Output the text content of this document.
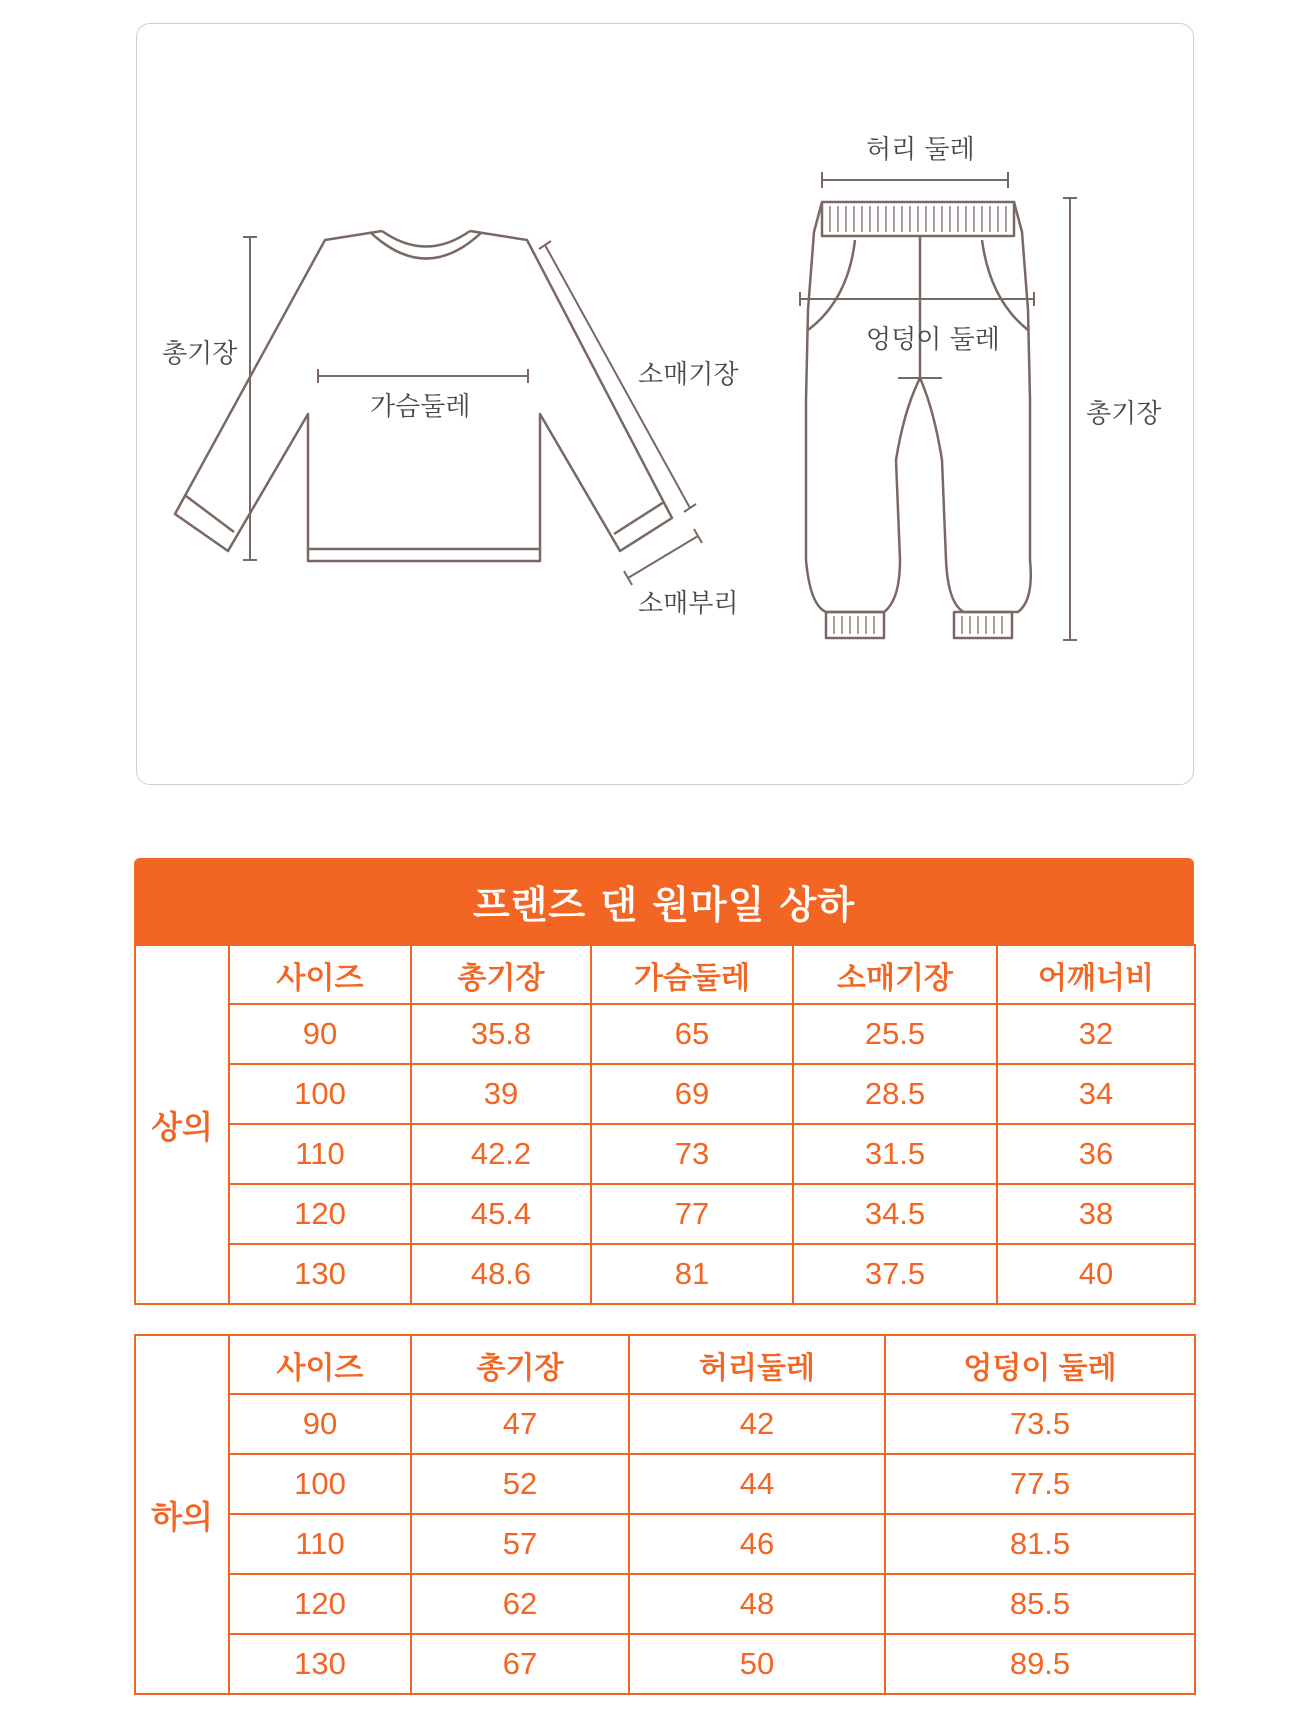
총기장
가슴둘레
소매기장
소매부리
허리 둘레
엉덩이 둘레
총기장
프랜즈 댄 원마일 상하
상의	사이즈	총기장	가슴둘레	소매기장	어깨너비
	90	35.8	65	25.5	32
	100	39	69	28.5	34
	110	42.2	73	31.5	36
	120	45.4	77	34.5	38
	130	48.6	81	37.5	40
하의	사이즈	총기장	허리둘레	엉덩이 둘레
	90	47	42	73.5
	100	52	44	77.5
	110	57	46	81.5
	120	62	48	85.5
	130	67	50	89.5
